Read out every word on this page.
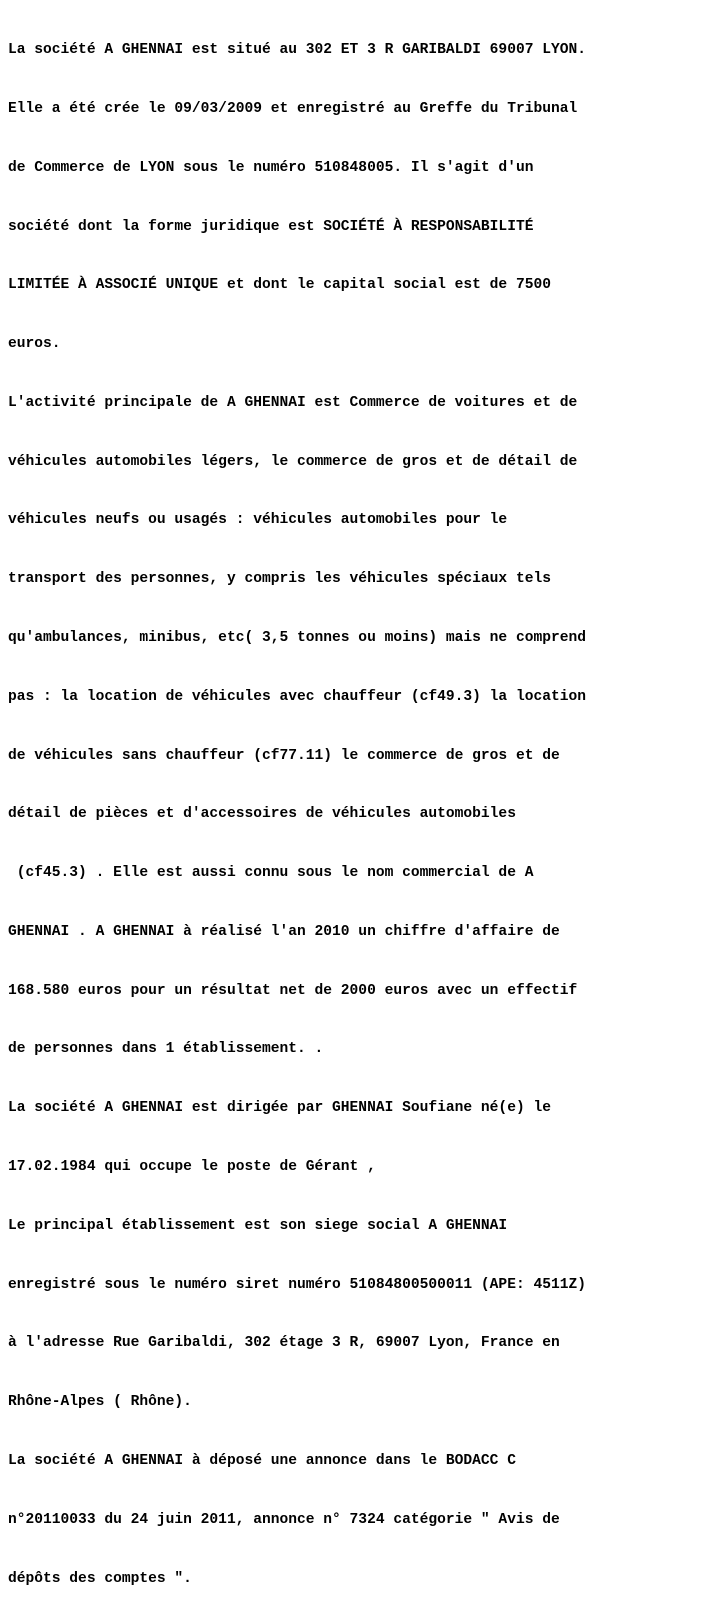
La société A GHENNAI est situé au 302 ET 3 R GARIBALDI 69007 LYON.

Elle a été crée le 09/03/2009 et enregistré au Greffe du Tribunal

de Commerce de LYON sous le numéro 510848005. Il s'agit d'un

société dont la forme juridique est SOCIÉTÉ À RESPONSABILITÉ

LIMITÉE À ASSOCIÉ UNIQUE et dont le capital social est de 7500

euros.

L'activité principale de A GHENNAI est Commerce de voitures et de

véhicules automobiles légers, le commerce de gros et de détail de

véhicules neufs ou usagés : véhicules automobiles pour le

transport des personnes, y compris les véhicules spéciaux tels

qu'ambulances, minibus, etc( 3,5 tonnes ou moins) mais ne comprend

pas : la location de véhicules avec chauffeur (cf49.3) la location

de véhicules sans chauffeur (cf77.11) le commerce de gros et de

détail de pièces et d'accessoires de véhicules automobiles

(cf45.3) . Elle est aussi connu sous le nom commercial de A

GHENNAI . A GHENNAI à réalisé l'an 2010 un chiffre d'affaire de

168.580 euros pour un résultat net de 2000 euros avec un effectif

de personnes dans 1 établissement. .

La société A GHENNAI est dirigée par GHENNAI Soufiane né(e) le

17.02.1984 qui occupe le poste de Gérant ,

Le principal établissement est son siege social A GHENNAI

enregistré sous le numéro siret numéro 51084800500011 (APE: 4511Z)

à l'adresse Rue Garibaldi, 302 étage 3 R, 69007 Lyon, France en

Rhône-Alpes ( Rhône).

La société A GHENNAI à déposé une annonce dans le BODACC C

n°20110033 du 24 juin 2011, annonce n° 7324 catégorie " Avis de

dépôts des comptes ".
